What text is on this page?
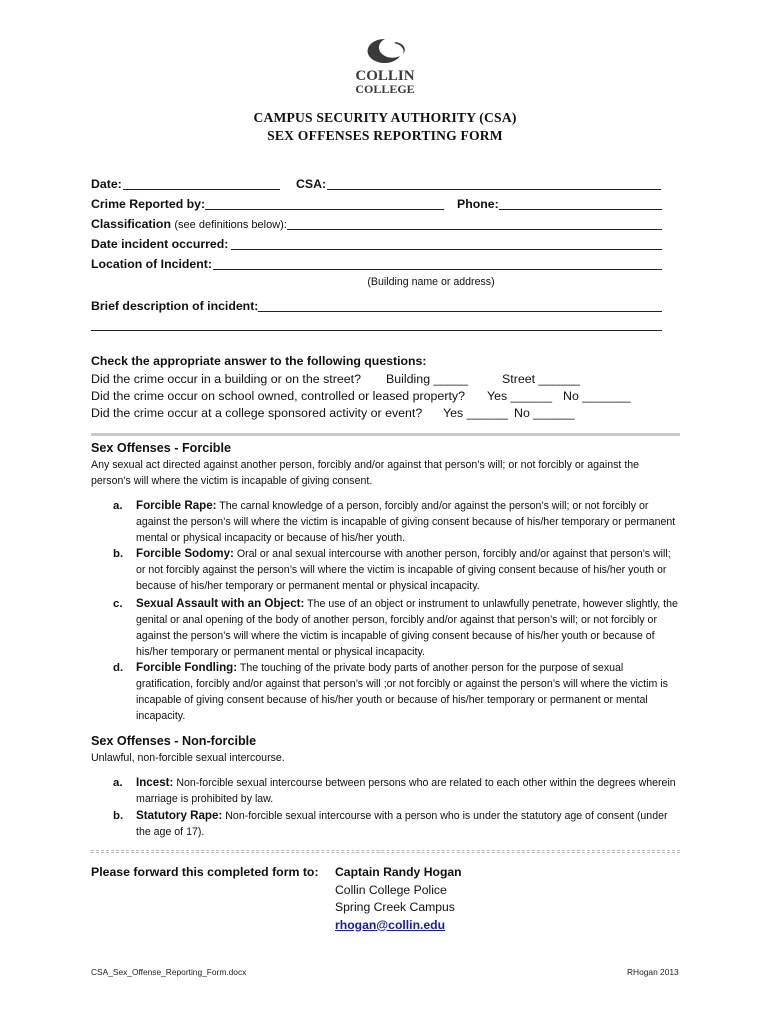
COLLIN
COLLEGE
CAMPUS SECURITY AUTHORITY (CSA)
SEX OFFENSES REPORTING FORM
Date:	CSA:
Crime Reported by:	Phone:
Classification (see definitions below):
Date incident occurred:
Location of Incident:
(Building name or address)
Brief description of incident:
Check the appropriate answer to the following questions:
Did the crime occur in a building or on the street? Building _____	Street ______
Did the crime occur on school owned, controlled or leased property? Yes ______ No _______
Did the crime occur at a college sponsored activity or event? Yes ______ No ______
Sex Offenses - Forcible
Any sexual act directed against another person, forcibly and/or against that person’s will; or not forcibly or against the person’s will where the victim is incapable of giving consent.
a. Forcible Rape: The carnal knowledge of a person, forcibly and/or against the person’s will; or not forcibly or against the person’s will where the victim is incapable of giving consent because of his/her temporary or permanent mental or physical incapacity or because of his/her youth.
b. Forcible Sodomy: Oral or anal sexual intercourse with another person, forcibly and/or against that person’s will; or not forcibly against the person’s will where the victim is incapable of giving consent because of his/her youth or because of his/her temporary or permanent mental or physical incapacity.
c. Sexual Assault with an Object: The use of an object or instrument to unlawfully penetrate, however slightly, the genital or anal opening of the body of another person, forcibly and/or against that person’s will; or not forcibly or against the person’s will where the victim is incapable of giving consent because of his/her youth or because of his/her temporary or permanent mental or physical incapacity.
d. Forcible Fondling: The touching of the private body parts of another person for the purpose of sexual gratification, forcibly and/or against that person’s will ;or not forcibly or against the person’s will where the victim is incapable of giving consent because of his/her youth or because of his/her temporary or permanent or mental incapacity.
Sex Offenses - Non-forcible
Unlawful, non-forcible sexual intercourse.
a. Incest: Non-forcible sexual intercourse between persons who are related to each other within the degrees wherein marriage is prohibited by law.
b. Statutory Rape: Non-forcible sexual intercourse with a person who is under the statutory age of consent (under the age of 17).
Please forward this completed form to: Captain Randy Hogan
Collin College Police
Spring Creek Campus
rhogan@collin.edu
CSA_Sex_Offense_Reporting_Form.docx	RHogan 2013
